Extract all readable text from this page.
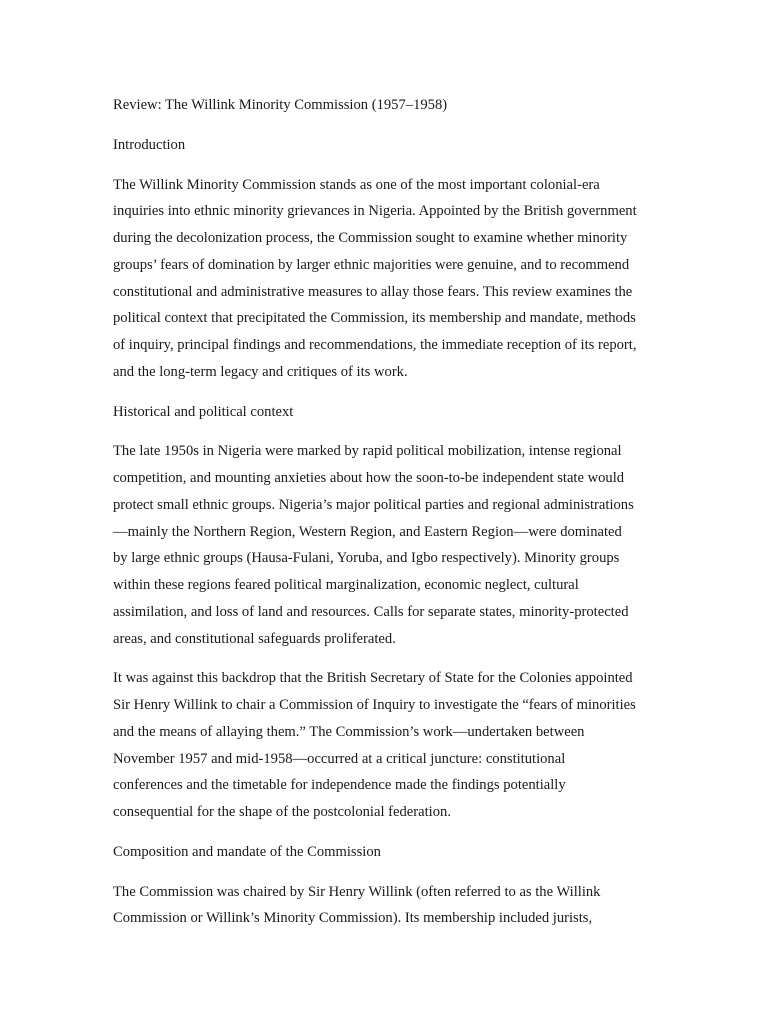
Review: The Willink Minority Commission (1957–1958)
Introduction
The Willink Minority Commission stands as one of the most important colonial-era
inquiries into ethnic minority grievances in Nigeria. Appointed by the British government
during the decolonization process, the Commission sought to examine whether minority
groups’ fears of domination by larger ethnic majorities were genuine, and to recommend
constitutional and administrative measures to allay those fears. This review examines the
political context that precipitated the Commission, its membership and mandate, methods
of inquiry, principal findings and recommendations, the immediate reception of its report,
and the long-term legacy and critiques of its work.
Historical and political context
The late 1950s in Nigeria were marked by rapid political mobilization, intense regional
competition, and mounting anxieties about how the soon-to-be independent state would
protect small ethnic groups. Nigeria’s major political parties and regional administrations
—mainly the Northern Region, Western Region, and Eastern Region—were dominated
by large ethnic groups (Hausa-Fulani, Yoruba, and Igbo respectively). Minority groups
within these regions feared political marginalization, economic neglect, cultural
assimilation, and loss of land and resources. Calls for separate states, minority-protected
areas, and constitutional safeguards proliferated.
It was against this backdrop that the British Secretary of State for the Colonies appointed
Sir Henry Willink to chair a Commission of Inquiry to investigate the “fears of minorities
and the means of allaying them.” The Commission’s work—undertaken between
November 1957 and mid-1958—occurred at a critical juncture: constitutional
conferences and the timetable for independence made the findings potentially
consequential for the shape of the postcolonial federation.
Composition and mandate of the Commission
The Commission was chaired by Sir Henry Willink (often referred to as the Willink
Commission or Willink’s Minority Commission). Its membership included jurists,
